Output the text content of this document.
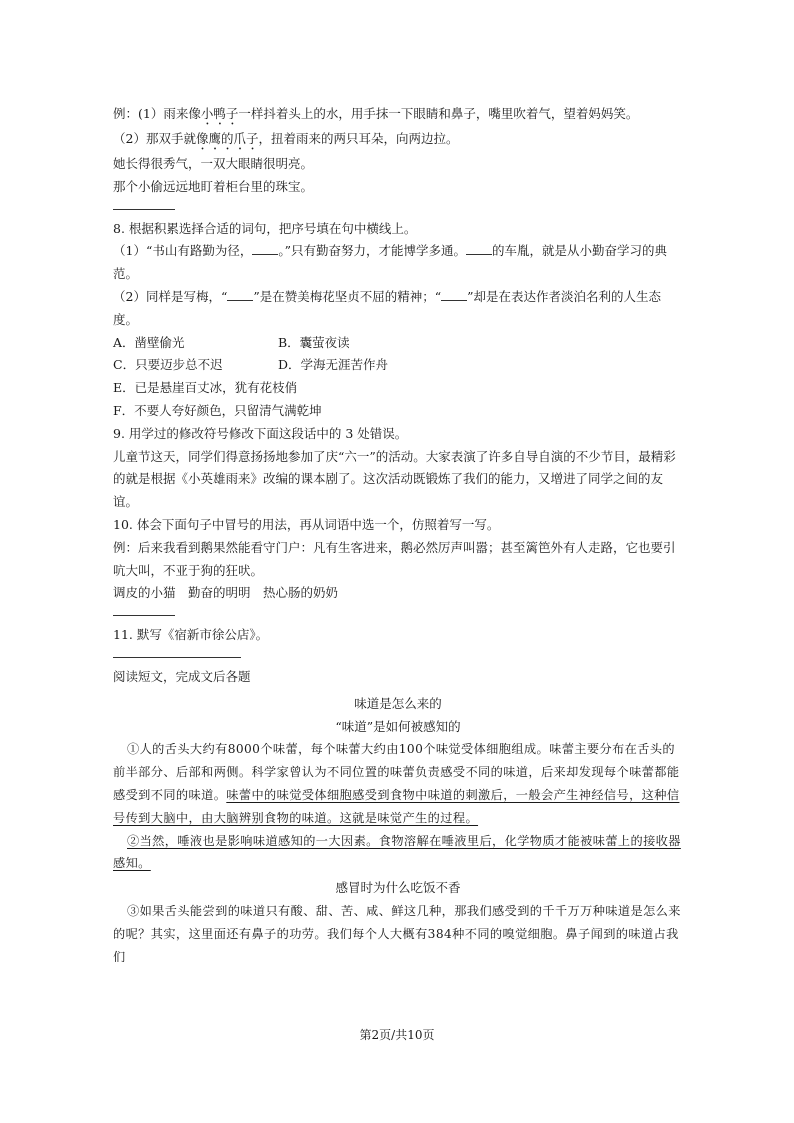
例：(1）雨来像小鸭子一样抖着头上的水，用手抹一下眼睛和鼻子，嘴里吹着气，望着妈妈笑。
（2）那双手就像鹰的爪子，扭着雨来的两只耳朵，向两边拉。
她长得很秀气，一双大眼睛很明亮。
那个小偷远远地盯着柜台里的珠宝。
8. 根据积累选择合适的词句，把序号填在句中横线上。
（1）“书山有路勤为径， 。”只有勤奋努力，才能博学多通。 的车胤，就是从小勤奋学习的典
范。
（2）同样是写梅，“ ”是在赞美梅花坚贞不屈的精神；“ ”却是在表达作者淡泊名利的人生态
度。
A．凿壁偷光	B．囊萤夜读
C．只要迈步总不迟	D．学海无涯苦作舟
E．已是悬崖百丈冰，犹有花枝俏
F．不要人夸好颜色，只留清气满乾坤
9. 用学过的修改符号修改下面这段话中的 3 处错误。
儿童节这天，同学们得意扬扬地参加了庆“六一”的活动。大家表演了许多自导自演的不少节目，最精彩的就是根据《小英雄雨来》改编的课本剧了。这次活动既锻炼了我们的能力，又增进了同学之间的友谊。
10. 体会下面句子中冒号的用法，再从词语中选一个，仿照着写一写。
例：后来我看到鹅果然能看守门户：凡有生客进来，鹅必然厉声叫嚣；甚至篱笆外有人走路，它也要引吭大叫，不亚于狗的狂吠。
调皮的小猫　勤奋的明明　热心肠的奶奶
11. 默写《宿新市徐公店》。
阅读短文，完成文后各题
味道是怎么来的
“味道”是如何被感知的
①人的舌头大约有8000个味蕾，每个味蕾大约由100个味觉受体细胞组成。味蕾主要分布在舌头的前半部分、后部和两侧。科学家曾认为不同位置的味蕾负责感受不同的味道，后来却发现每个味蕾都能感受到不同的味道。味蕾中的味觉受体细胞感受到食物中味道的刺激后，一般会产生神经信号，这种信号传到大脑中，由大脑辨别食物的味道。这就是味觉产生的过程。
②当然，唾液也是影响味道感知的一大因素。食物溶解在唾液里后，化学物质才能被味蕾上的接收器感知。
感冒时为什么吃饭不香
③如果舌头能尝到的味道只有酸、甜、苦、咸、鲜这几种，那我们感受到的千千万万种味道是怎么来的呢？其实，这里面还有鼻子的功劳。我们每个人大概有384种不同的嗅觉细胞。鼻子闻到的味道占我们
第2页/共10页
